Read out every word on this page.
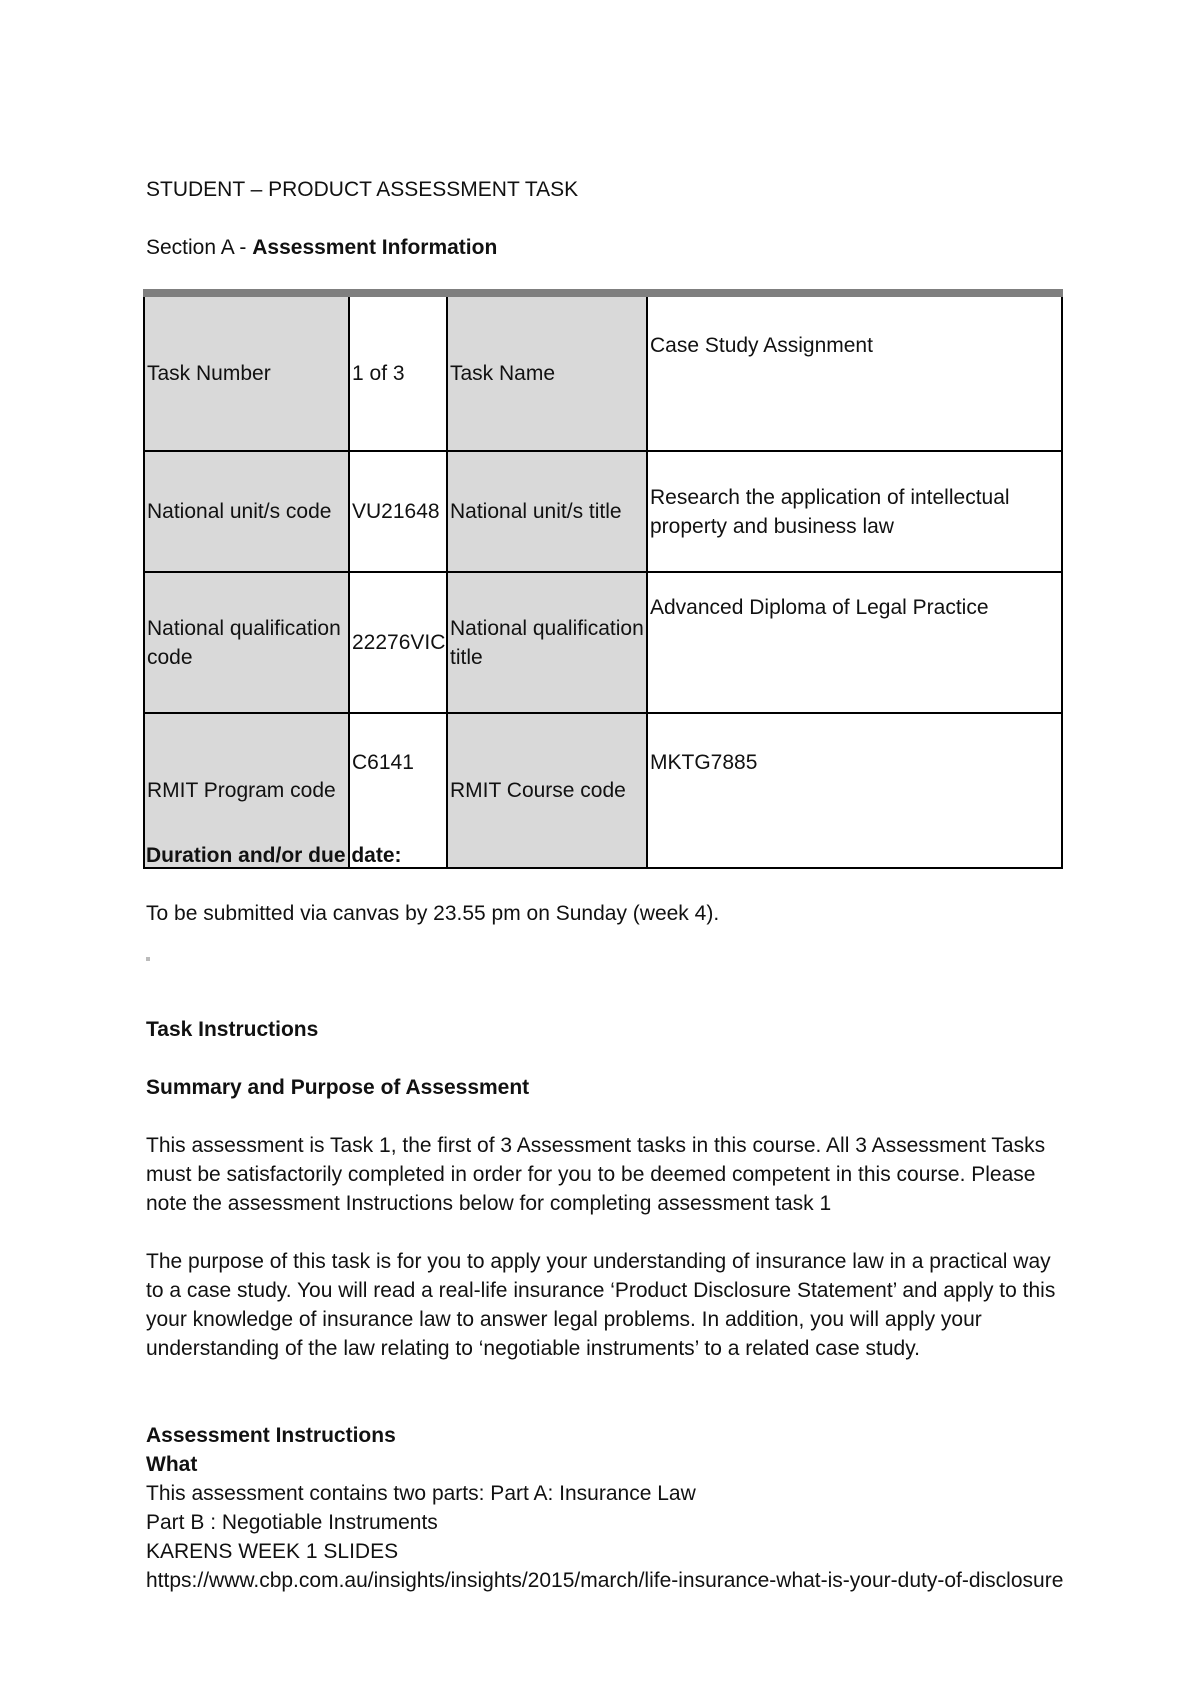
STUDENT – PRODUCT ASSESSMENT TASK
Section A - Assessment Information
Task Number	1 of 3	Task Name	Case Study Assignment
National unit/s code	VU21648	National unit/s title	Research the application of intellectual property and business law
National qualification code	22276VIC	National qualification title	Advanced Diploma of Legal Practice
RMIT Program code	C6141	RMIT Course code	MKTG7885
Duration and/or due date:
To be submitted via canvas by 23.55 pm on Sunday (week 4).
Task Instructions
Summary and Purpose of Assessment

This assessment is Task 1, the first of 3 Assessment tasks in this course. All 3 Assessment Tasks must be satisfactorily completed in order for you to be deemed competent in this course. Please note the assessment Instructions below for completing assessment task 1

The purpose of this task is for you to apply your understanding of insurance law in a practical way to a case study. You will read a real-life insurance ‘Product Disclosure Statement’ and apply to this your knowledge of insurance law to answer legal problems. In addition, you will apply your understanding of the law relating to ‘negotiable instruments’ to a related case study.

Assessment Instructions
What
This assessment contains two parts: Part A: Insurance Law
Part B : Negotiable Instruments
KARENS WEEK 1 SLIDES
https://www.cbp.com.au/insights/insights/2015/march/life-insurance-what-is-your-duty-of-disclosure
